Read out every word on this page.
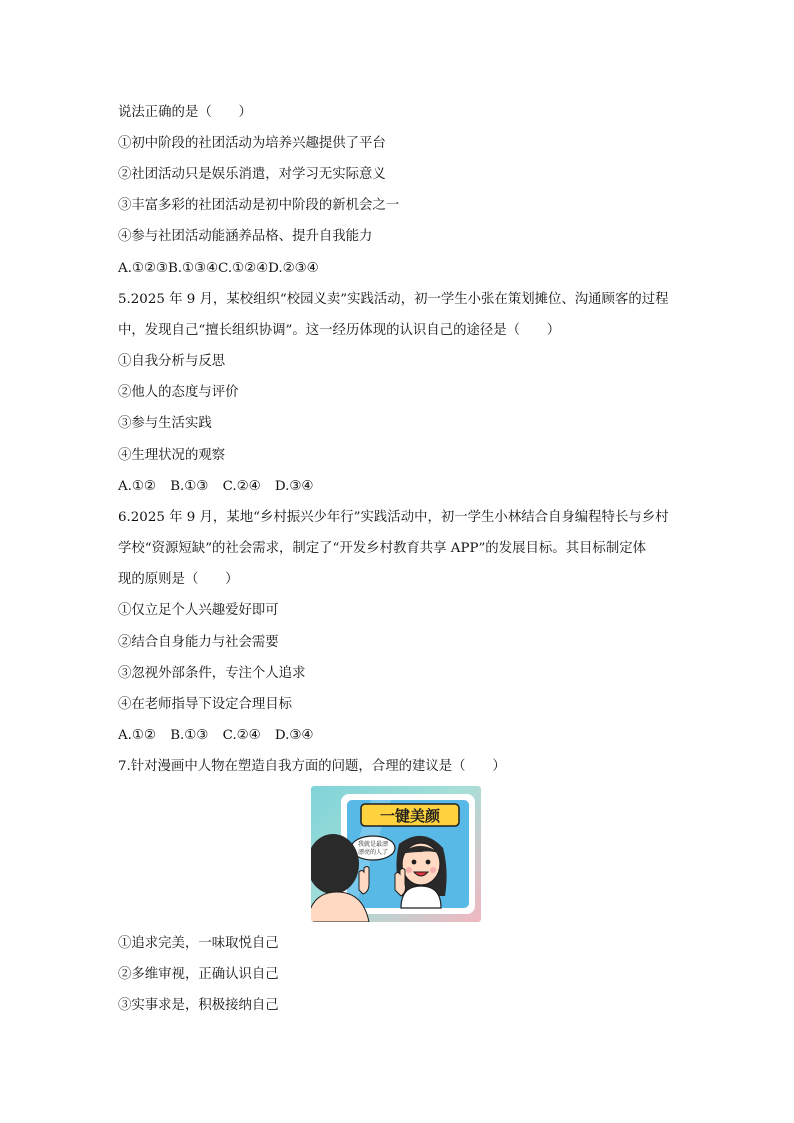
说法正确的是（　　）
①初中阶段的社团活动为培养兴趣提供了平台
②社团活动只是娱乐消遣，对学习无实际意义
③丰富多彩的社团活动是初中阶段的新机会之一
④参与社团活动能涵养品格、提升自我能力
A.①②③B.①③④C.①②④D.②③④
5.2025 年 9 月，某校组织“校园义卖”实践活动，初一学生小张在策划摊位、沟通顾客的过程
中，发现自己“擅长组织协调”。这一经历体现的认识自己的途径是（　　）
①自我分析与反思
②他人的态度与评价
③参与生活实践
④生理状况的观察
A.①② B.①③ C.②④ D.③④
6.2025 年 9 月，某地“乡村振兴少年行”实践活动中，初一学生小林结合自身编程特长与乡村
学校“资源短缺”的社会需求，制定了“开发乡村教育共享 APP”的发展目标。其目标制定体
现的原则是（　　）
①仅立足个人兴趣爱好即可
②结合自身能力与社会需要
③忽视外部条件，专注个人追求
④在老师指导下设定合理目标
A.①② B.①③ C.②④ D.③④
7.针对漫画中人物在塑造自我方面的问题，合理的建议是（　　）
一键美颜
我就是最漂
漂亮的人了
①追求完美，一味取悦自己
②多维审视，正确认识自己
③实事求是，积极接纳自己
